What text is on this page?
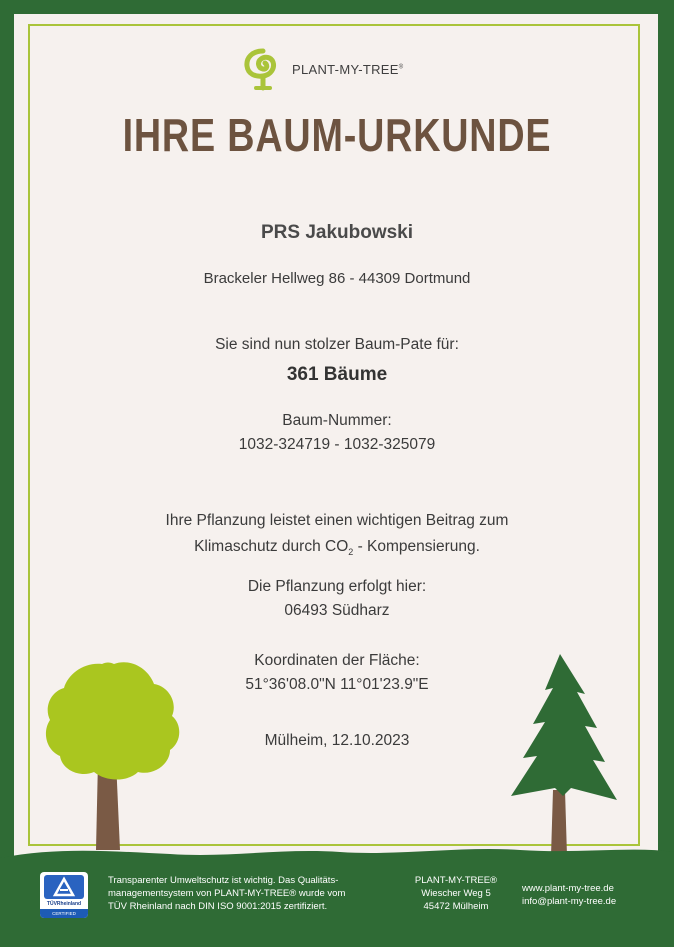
PLANT-MY-TREE®
IHRE BAUM-URKUNDE
PRS Jakubowski
Brackeler Hellweg 86 - 44309 Dortmund
Sie sind nun stolzer Baum-Pate für:
361 Bäume
Baum-Nummer:
1032-324719 - 1032-325079
Ihre Pflanzung leistet einen wichtigen Beitrag zum
Klimaschutz durch $CO_2$ - Kompensierung.
Die Pflanzung erfolgt hier:
06493 Südharz
Koordinaten der Fläche:
51°36'08.0"N 11°01'23.9"E
Mülheim, 12.10.2023
TÜVRheinland
CERTIFIED
Transparenter Umweltschutz ist wichtig. Das Qualitäts-
managementsystem von PLANT-MY-TREE® wurde vom
TÜV Rheinland nach DIN ISO 9001:2015 zertifiziert.
PLANT-MY-TREE®
Wiescher Weg 5
45472 Mülheim
www.plant-my-tree.de
info@plant-my-tree.de
